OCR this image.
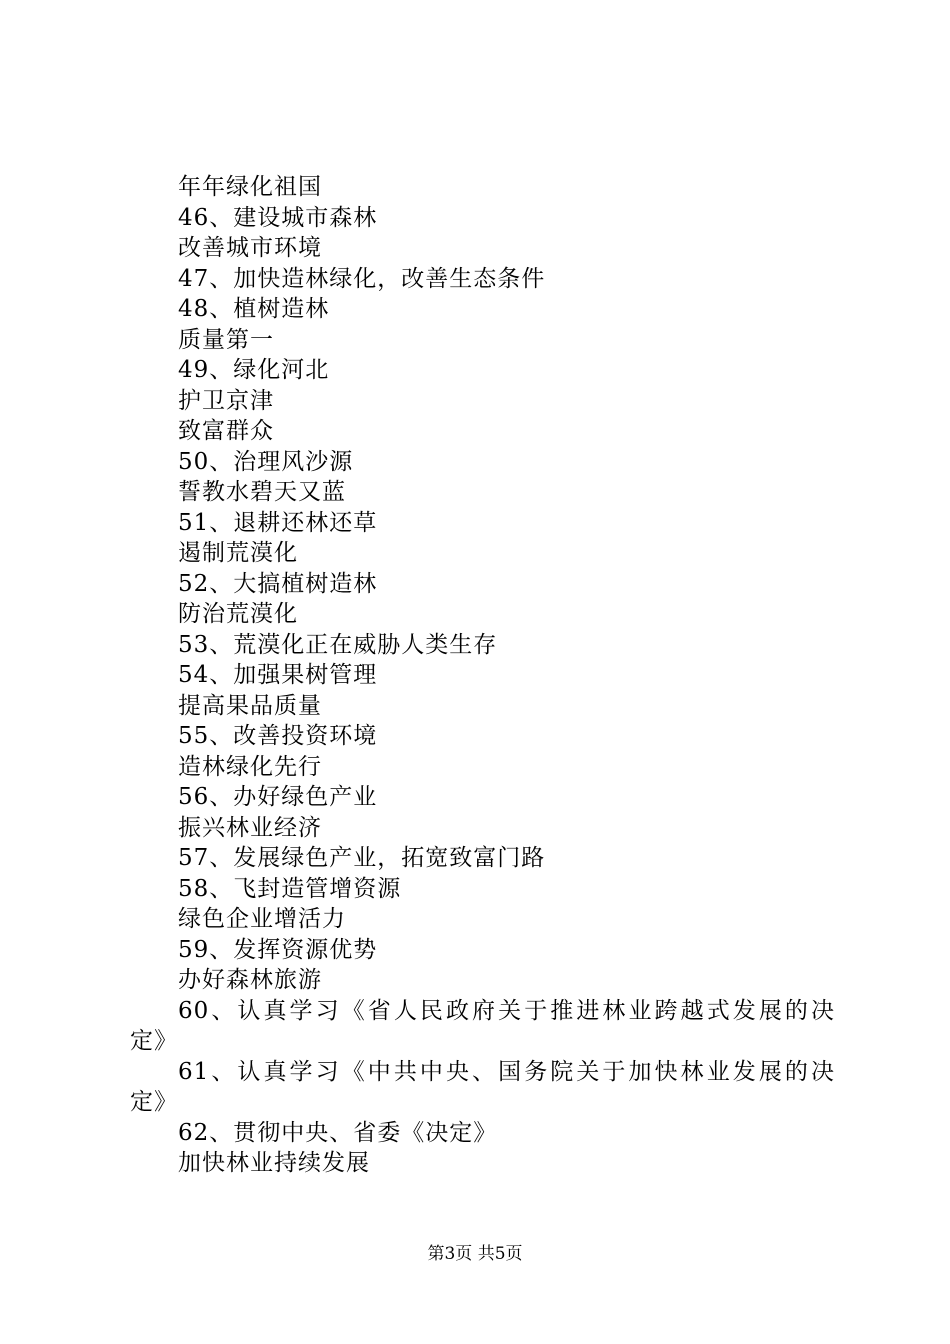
年年绿化祖国
46、建设城市森林
改善城市环境
47、加快造林绿化，改善生态条件
48、植树造林
质量第一
49、绿化河北
护卫京津
致富群众
50、治理风沙源
誓教水碧天又蓝
51、退耕还林还草
遏制荒漠化
52、大搞植树造林
防治荒漠化
53、荒漠化正在威胁人类生存
54、加强果树管理
提高果品质量
55、改善投资环境
造林绿化先行
56、办好绿色产业
振兴林业经济
57、发展绿色产业，拓宽致富门路
58、飞封造管增资源
绿色企业增活力
59、发挥资源优势
办好森林旅游
60、认真学习《省人民政府关于推进林业跨越式发展的决
定》
61、认真学习《中共中央、国务院关于加快林业发展的决
定》
62、贯彻中央、省委《决定》
加快林业持续发展
第3页 共5页
